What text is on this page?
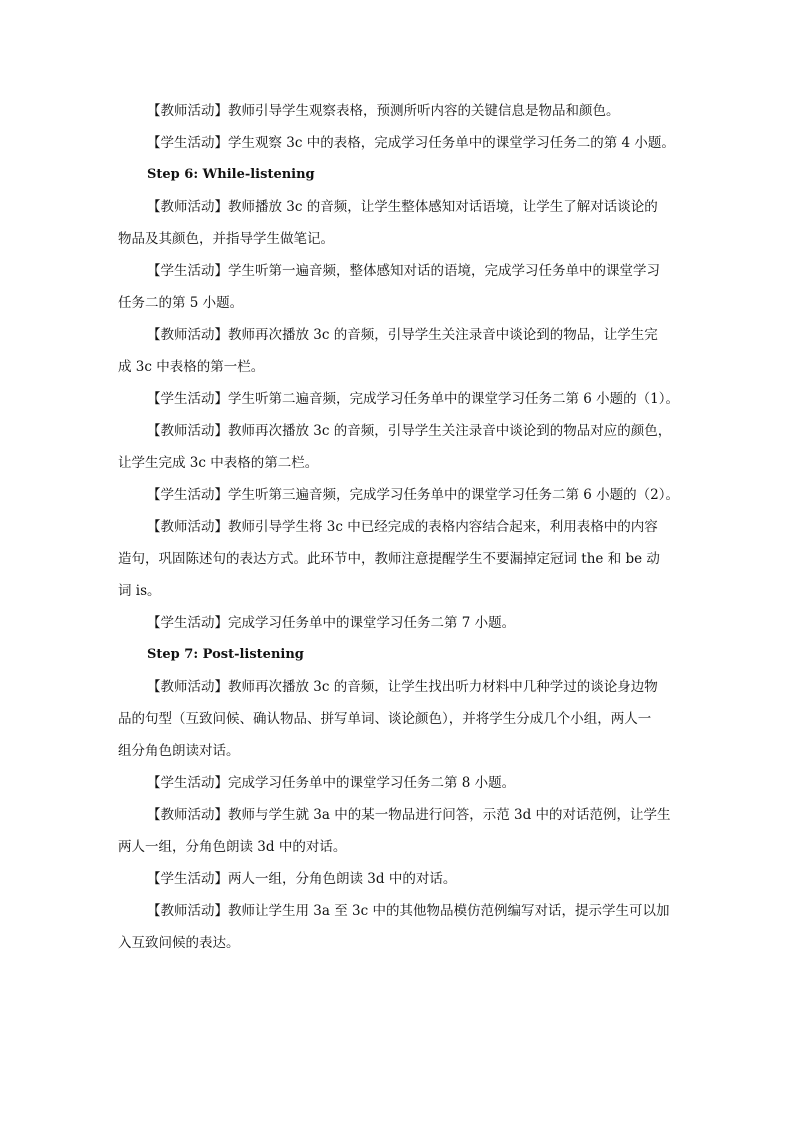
【教师活动】教师引导学生观察表格，预测所听内容的关键信息是物品和颜色。
【学生活动】学生观察 3c 中的表格，完成学习任务单中的课堂学习任务二的第 4 小题。
Step 6: While-listening
【教师活动】教师播放 3c 的音频，让学生整体感知对话语境，让学生了解对话谈论的
物品及其颜色，并指导学生做笔记。
【学生活动】学生听第一遍音频，整体感知对话的语境，完成学习任务单中的课堂学习
任务二的第 5 小题。
【教师活动】教师再次播放 3c 的音频，引导学生关注录音中谈论到的物品，让学生完
成 3c 中表格的第一栏。
【学生活动】学生听第二遍音频，完成学习任务单中的课堂学习任务二第 6 小题的（1）。
【教师活动】教师再次播放 3c 的音频，引导学生关注录音中谈论到的物品对应的颜色，
让学生完成 3c 中表格的第二栏。
【学生活动】学生听第三遍音频，完成学习任务单中的课堂学习任务二第 6 小题的（2）。
【教师活动】教师引导学生将 3c 中已经完成的表格内容结合起来，利用表格中的内容
造句，巩固陈述句的表达方式。此环节中，教师注意提醒学生不要漏掉定冠词 the 和 be 动
词 is。
【学生活动】完成学习任务单中的课堂学习任务二第 7 小题。
Step 7: Post-listening
【教师活动】教师再次播放 3c 的音频，让学生找出听力材料中几种学过的谈论身边物
品的句型（互致问候、确认物品、拼写单词、谈论颜色），并将学生分成几个小组，两人一
组分角色朗读对话。
【学生活动】完成学习任务单中的课堂学习任务二第 8 小题。
【教师活动】教师与学生就 3a 中的某一物品进行问答，示范 3d 中的对话范例，让学生
两人一组，分角色朗读 3d 中的对话。
【学生活动】两人一组，分角色朗读 3d 中的对话。
【教师活动】教师让学生用 3a 至 3c 中的其他物品模仿范例编写对话，提示学生可以加
入互致问候的表达。
